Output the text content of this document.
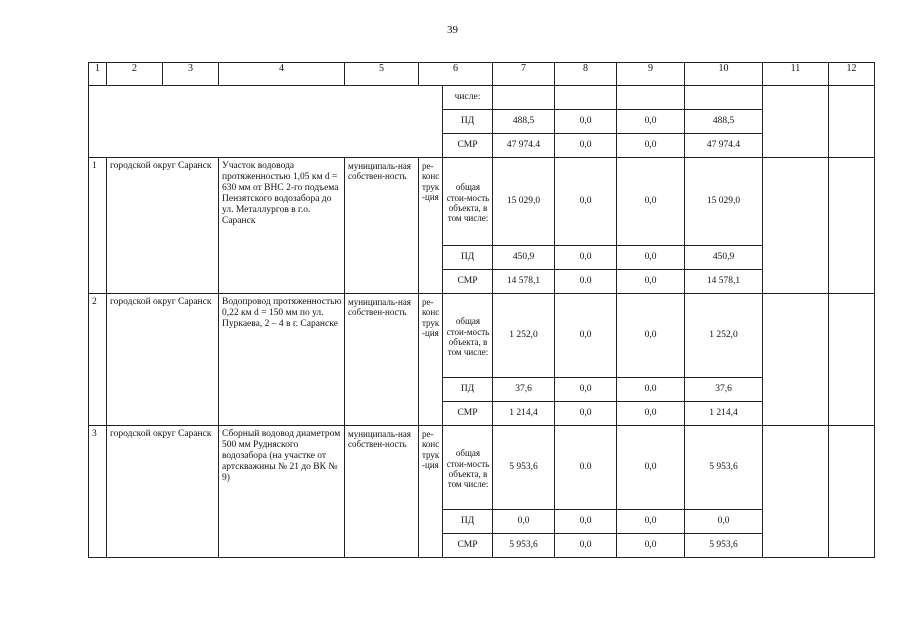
39
1	2	3	4	5	6		7	8	9	10	11	12
						числе:						
						ПД	488,5	0,0	0,0	488,5		
						СМР	47 974.4	0,0	0,0	47 974.4		
1	городской округ Саранск		Участок водовода протяженностью 1,05 км d = 630 мм от ВНС 2-го подъема Пензятского водозабора до ул. Металлургов в г.о. Саранск	муниципаль-ная собствен-ность	ре-конс трук -ция	общая стои-мость объекта, в том числе:	15 029,0	0,0	0,0	15 029,0		
						ПД	450,9	0,0	0,0	450,9		
						СМР	14 578,1	0.0	0,0	14 578,1		
2	городской округ Саранск		Водопровод протяженностью 0,22 км d = 150 мм по ул. Пуркаева, 2 – 4 в г. Саранске	муниципаль-ная собствен-ность	ре-конс трук -ция	общая стои-мость объекта, в том числе:	1 252,0	0,0	0,0	1 252,0		
						ПД	37,6	0,0	0.0	37,6		
						СМР	1 214,4	0,0	0,0	1 214,4		
3	городской округ Саранск		Сборный водовод диаметром 500 мм Рудняского водозабора (на участке от артскважины № 21 до ВК № 9)	муниципаль-ная собствен-ность	ре-конс трук -ция	общая стои-мость объекта, в том числе:	5 953,6	0.0	0,0	5 953,6		
						ПД	0,0	0,0	0,0	0,0		
						СМР	5 953,6	0,0	0,0	5 953,6		
